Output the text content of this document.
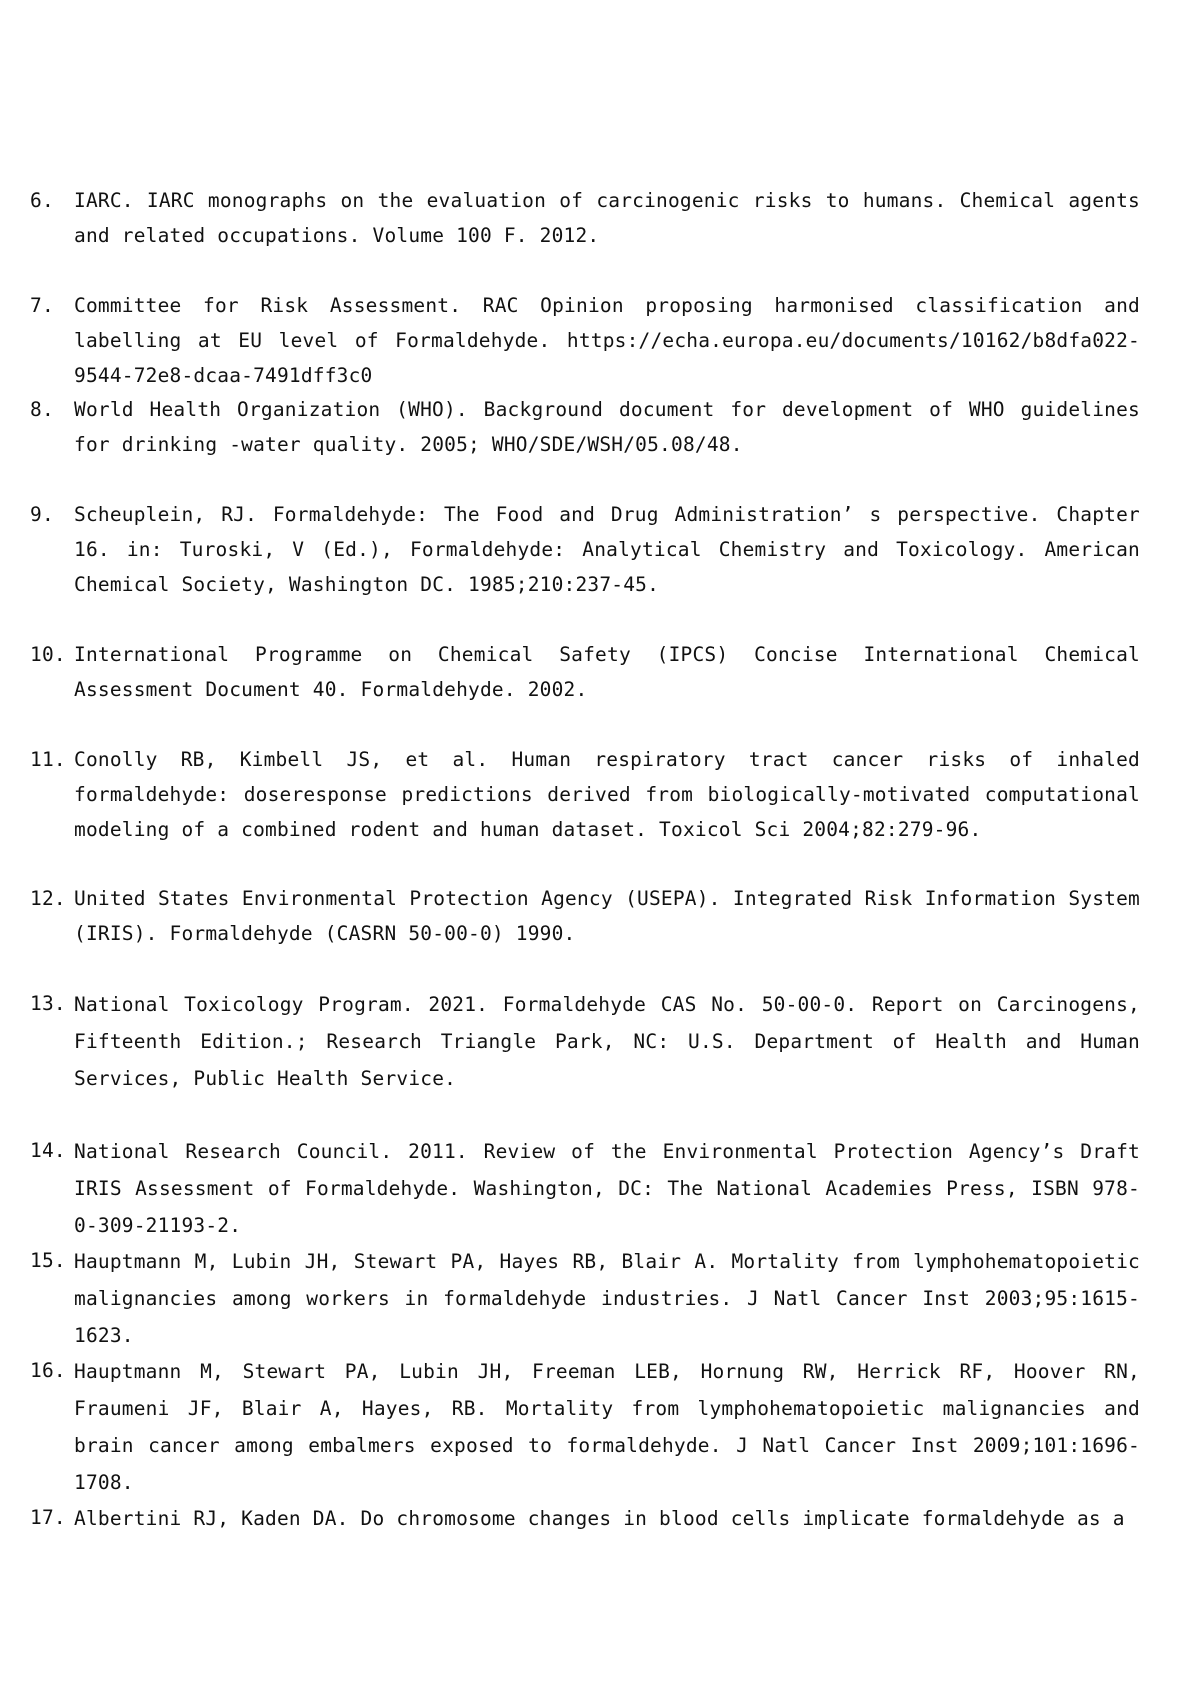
6. IARC. IARC monographs on the evaluation of carcinogenic risks to humans. Chemical agents and related occupations. Volume 100 F. 2012.
7. Committee for Risk Assessment. RAC Opinion proposing harmonised classification and labelling at EU level of Formaldehyde. https://echa.europa.eu/documents/10162/b8dfa022-9544-72e8-dcaa-7491dff3c0
8. World Health Organization (WHO). Background document for development of WHO guidelines for drinking -water quality. 2005; WHO/SDE/WSH/05.08/48.
9. Scheuplein, RJ. Formaldehyde: The Food and Drug Administration’ s perspective. Chapter 16. in: Turoski, V (Ed.), Formaldehyde: Analytical Chemistry and Toxicology. American Chemical Society, Washington DC. 1985;210:237-45.
10. International Programme on Chemical Safety (IPCS) Concise International Chemical Assessment Document 40. Formaldehyde. 2002.
11. Conolly RB, Kimbell JS, et al. Human respiratory tract cancer risks of inhaled formaldehyde: doseresponse predictions derived from biologically-motivated computational modeling of a combined rodent and human dataset. Toxicol Sci 2004;82:279-96.
12. United States Environmental Protection Agency (USEPA). Integrated Risk Information System (IRIS). Formaldehyde (CASRN 50-00-0) 1990.
13. National Toxicology Program. 2021. Formaldehyde CAS No. 50-00-0. Report on Carcinogens, Fifteenth Edition.; Research Triangle Park, NC: U.S. Department of Health and Human Services, Public Health Service.
14. National Research Council. 2011. Review of the Environmental Protection Agency’s Draft IRIS Assessment of Formaldehyde. Washington, DC: The National Academies Press, ISBN 978-0-309-21193-2.
15. Hauptmann M, Lubin JH, Stewart PA, Hayes RB, Blair A. Mortality from lymphohematopoietic malignancies among workers in formaldehyde industries. J Natl Cancer Inst 2003;95:1615-1623.
16. Hauptmann M, Stewart PA, Lubin JH, Freeman LEB, Hornung RW, Herrick RF, Hoover RN, Fraumeni JF, Blair A, Hayes, RB. Mortality from lymphohematopoietic malignancies and brain cancer among embalmers exposed to formaldehyde. J Natl Cancer Inst 2009;101:1696-1708.
17. Albertini RJ, Kaden DA. Do chromosome changes in blood cells implicate formaldehyde as a
